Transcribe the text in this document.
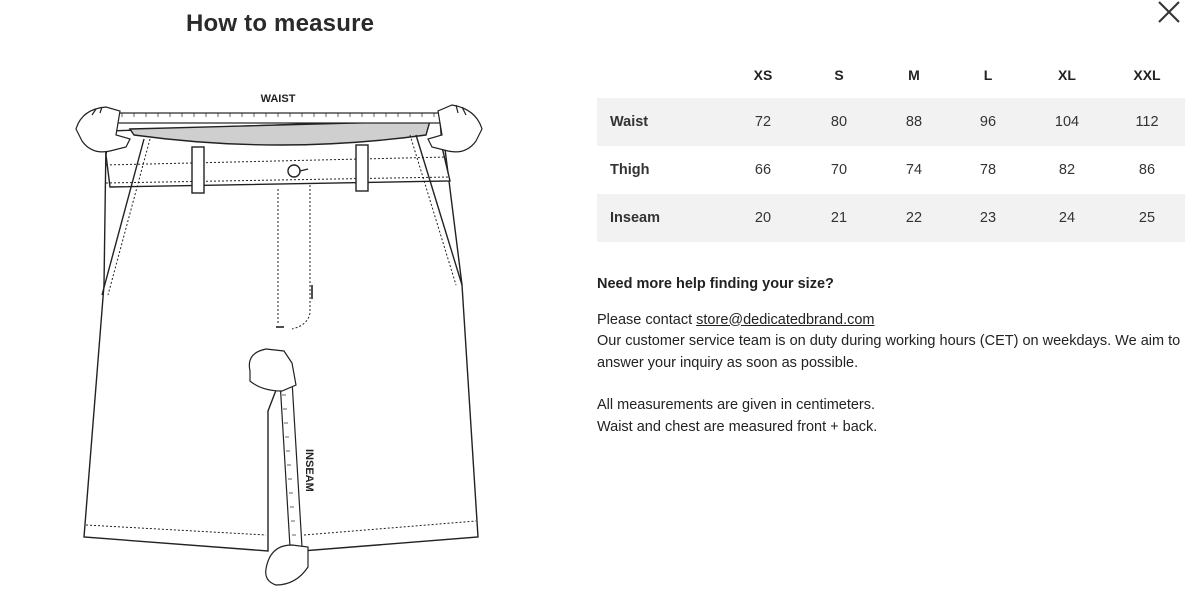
How to measure
WAIST
INSEAM
	XS	S	M	L	XL	XXL
Waist	72	80	88	96	104	112
Thigh	66	70	74	78	82	86
Inseam	20	21	22	23	24	25
Need more help finding your size?

Please contact store@dedicatedbrand.com

Our customer service team is on duty during working hours (CET) on weekdays. We aim to answer your inquiry as soon as possible.

All measurements are given in centimeters.

Waist and chest are measured front + back.
